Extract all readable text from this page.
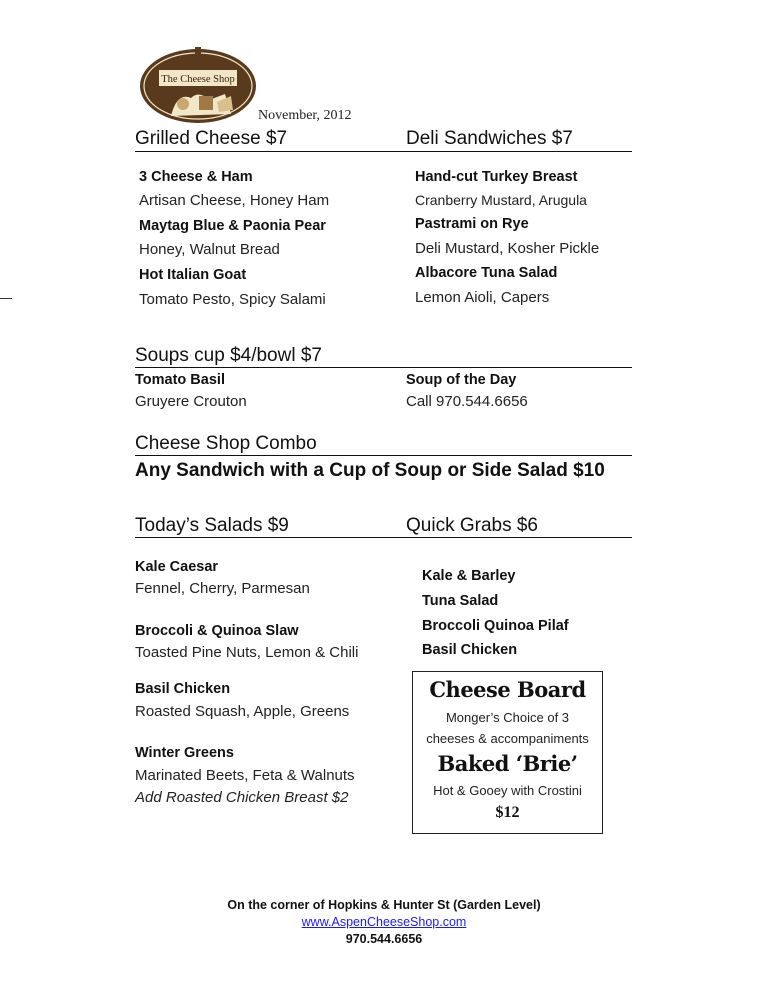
The Cheese Shop
November, 2012
Grilled Cheese $7
3 Cheese & Ham
Artisan Cheese, Honey Ham
Maytag Blue & Paonia Pear
Honey, Walnut Bread
Hot Italian Goat
Tomato Pesto, Spicy Salami
Deli Sandwiches $7
Hand-cut Turkey Breast
Cranberry Mustard, Arugula
Pastrami on Rye
Deli Mustard, Kosher Pickle
Albacore Tuna Salad
Lemon Aioli, Capers
Soups cup $4/bowl $7
Tomato Basil
Gruyere Crouton
Soup of the Day
Call 970.544.6656
Cheese Shop Combo
Any Sandwich with a Cup of Soup or Side Salad $10
Today’s Salads $9
Kale Caesar
Fennel, Cherry, Parmesan
Broccoli & Quinoa Slaw
Toasted Pine Nuts, Lemon & Chili
Basil Chicken
Roasted Squash, Apple, Greens
Winter Greens
Marinated Beets, Feta & Walnuts
Add Roasted Chicken Breast $2
Quick Grabs $6
Kale & Barley
Tuna Salad
Broccoli Quinoa Pilaf
Basil Chicken
Cheese Board
Monger’s Choice of 3
cheeses & accompaniments
Baked ‘Brie’
Hot & Gooey with Crostini
$12
On the corner of Hopkins & Hunter St (Garden Level)
www.AspenCheeseShop.com
970.544.6656
